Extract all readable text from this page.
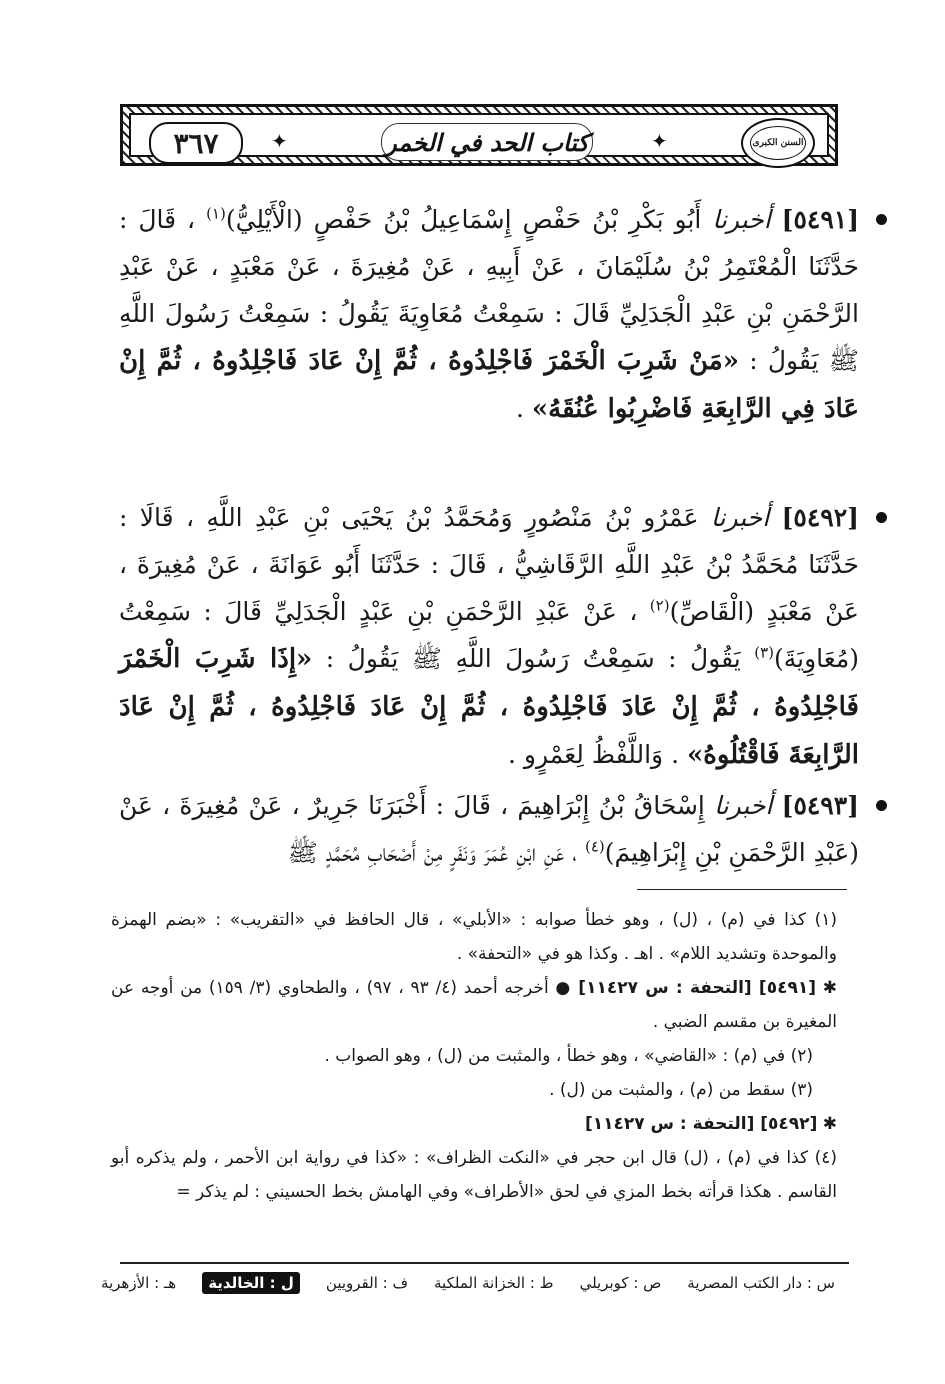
٣٦٧	✦	كتاب الحد في الخمر	✦	السنن الكبرى
[٥٤٩١] أخبرنا أَبُو بَكْرِ بْنُ حَفْصٍ إِسْمَاعِيلُ بْنُ حَفْصٍ (الْأَيْلِيُّ)$^{(١)}$ ، قَالَ : حَدَّثَنَا الْمُعْتَمِرُ بْنُ سُلَيْمَانَ ، عَنْ أَبِيهِ ، عَنْ مُغِيرَةَ ، عَنْ مَعْبَدٍ ، عَنْ عَبْدِ الرَّحْمَنِ بْنِ عَبْدِ الْجَدَلِيِّ قَالَ : سَمِعْتُ مُعَاوِيَةَ يَقُولُ : سَمِعْتُ رَسُولَ اللَّهِ ﷺ يَقُولُ : «مَنْ شَرِبَ الْخَمْرَ فَاجْلِدُوهُ ، ثُمَّ إِنْ عَادَ فَاجْلِدُوهُ ، ثُمَّ إِنْ عَادَ فِي الرَّابِعَةِ فَاضْرِبُوا عُنُقَهُ» .
[٥٤٩٢] أخبرنا عَمْرُو بْنُ مَنْصُورٍ وَمُحَمَّدُ بْنُ يَحْيَى بْنِ عَبْدِ اللَّهِ ، قَالَا : حَدَّثَنَا مُحَمَّدُ بْنُ عَبْدِ اللَّهِ الرَّقَاشِيُّ ، قَالَ : حَدَّثَنَا أَبُو عَوَانَةَ ، عَنْ مُغِيرَةَ ، عَنْ مَعْبَدٍ (الْقَاصِّ)$^{(٢)}$ ، عَنْ عَبْدِ الرَّحْمَنِ بْنِ عَبْدٍ الْجَدَلِيِّ قَالَ : سَمِعْتُ (مُعَاوِيَةَ)$^{(٣)}$ يَقُولُ : سَمِعْتُ رَسُولَ اللَّهِ ﷺ يَقُولُ : «إِذَا شَرِبَ الْخَمْرَ فَاجْلِدُوهُ ، ثُمَّ إِنْ عَادَ فَاجْلِدُوهُ ، ثُمَّ إِنْ عَادَ فَاجْلِدُوهُ ، ثُمَّ إِنْ عَادَ الرَّابِعَةَ فَاقْتُلُوهُ» . وَاللَّفْظُ لِعَمْرٍو .
[٥٤٩٣] أخبرنا إِسْحَاقُ بْنُ إِبْرَاهِيمَ ، قَالَ : أَخْبَرَنَا جَرِيرٌ ، عَنْ مُغِيرَةَ ، عَنْ (عَبْدِ الرَّحْمَنِ بْنِ إِبْرَاهِيمَ)$^{(٤)}$ ، عَنِ ابْنِ عُمَرَ وَنَفَرٍ مِنْ أَصْحَابِ مُحَمَّدٍ ﷺ
(١) كذا في (م) ، (ل) ، وهو خطأ صوابه : «الأبلي» ، قال الحافظ في «التقريب» : «بضم الهمزة والموحدة وتشديد اللام» . اهـ . وكذا هو في «التحفة» .
✱ [٥٤٩١] [التحفة : س ١١٤٢٧] ● أخرجه أحمد (٤/ ٩٣ ، ٩٧) ، والطحاوي (٣/ ١٥٩) من أوجه عن المغيرة بن مقسم الضبي .
(٢) في (م) : «القاضي» ، وهو خطأ ، والمثبت من (ل) ، وهو الصواب .
(٣) سقط من (م) ، والمثبت من (ل) .
✱ [٥٤٩٢] [التحفة : س ١١٤٢٧]
(٤) كذا في (م) ، (ل) قال ابن حجر في «النكت الظراف» : «كذا في رواية ابن الأحمر ، ولم يذكره أبو القاسم . هكذا قرأته بخط المزي في لحق «الأطراف» وفي الهامش بخط الحسيني : لم يذكر =
س : دار الكتب المصرية
ص : كوبريلي
ط : الخزانة الملكية
ف : القرويين
ل : الخالدية
هـ : الأزهرية
